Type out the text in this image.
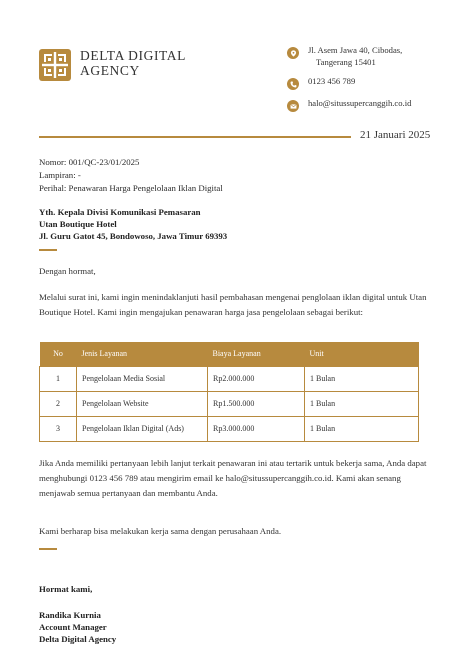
DELTA DIGITAL
AGENCY
Jl. Asem Jawa 40, Cibodas,
Tangerang 15401
0123 456 789
halo@situssupercanggih.co.id
21 Januari 2025
Nomor: 001/QC-23/01/2025
Lampiran: -
Perihal: Penawaran Harga Pengelolaan Iklan Digital
Yth. Kepala Divisi Komunikasi Pemasaran
Utan Boutique Hotel
Jl. Guru Gatot 45, Bondowoso, Jawa Timur 69393
Dengan hormat,
Melalui surat ini, kami ingin menindaklanjuti hasil pembahasan mengenai penglolaan iklan digital untuk Utan Boutique Hotel. Kami ingin mengajukan penawaran harga jasa pengelolaan sebagai berikut:
No	Jenis Layanan	Biaya Layanan	Unit
1	Pengelolaan Media Sosial	Rp2.000.000	1 Bulan
2	Pengelolaan Website	Rp1.500.000	1 Bulan
3	Pengelolaan Iklan Digital (Ads)	Rp3.000.000	1 Bulan
Jika Anda memiliki pertanyaan lebih lanjut terkait penawaran ini atau tertarik untuk bekerja sama, Anda dapat menghubungi 0123 456 789 atau mengirim email ke halo@situssupercanggih.co.id. Kami akan senang menjawab semua pertanyaan dan membantu Anda.
Kami berharap bisa melakukan kerja sama dengan perusahaan Anda.
Hormat kami,
Randika Kurnia
Account Manager
Delta Digital Agency
